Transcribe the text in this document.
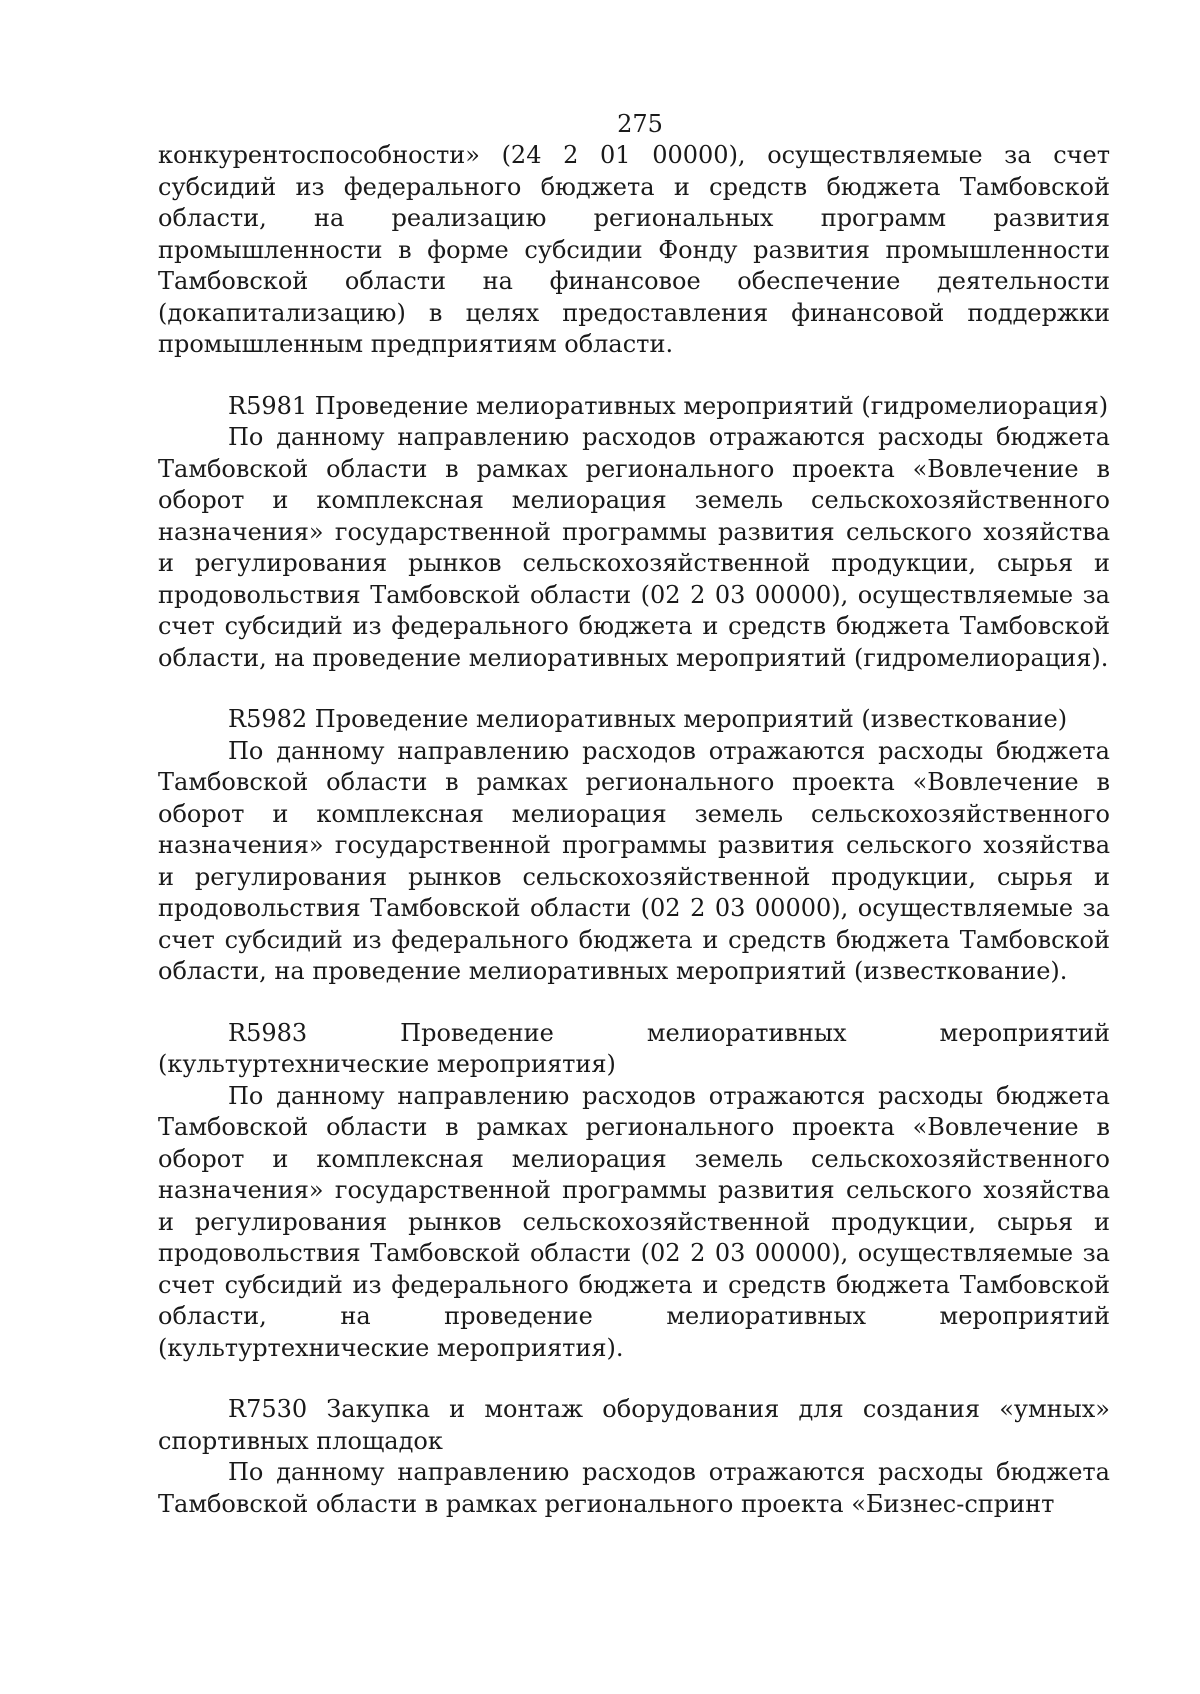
275

конкурентоспособности» (24 2 01 00000), осуществляемые за счет субсидий из федерального бюджета и средств бюджета Тамбовской области, на реализацию региональных программ развития промышленности в форме субсидии Фонду развития промышленности Тамбовской области на финансовое обеспечение деятельности (докапитализацию) в целях предоставления финансовой поддержки промышленным предприятиям области.

R5981 Проведение мелиоративных мероприятий (гидромелиорация)

По данному направлению расходов отражаются расходы бюджета Тамбовской области в рамках регионального проекта «Вовлечение в оборот и комплексная мелиорация земель сельскохозяйственного назначения» государственной программы развития сельского хозяйства и регулирования рынков сельскохозяйственной продукции, сырья и продовольствия Тамбовской области (02 2 03 00000), осуществляемые за счет субсидий из федерального бюджета и средств бюджета Тамбовской области, на проведение мелиоративных мероприятий (гидромелиорация).

R5982 Проведение мелиоративных мероприятий (известкование)

По данному направлению расходов отражаются расходы бюджета Тамбовской области в рамках регионального проекта «Вовлечение в оборот и комплексная мелиорация земель сельскохозяйственного назначения» государственной программы развития сельского хозяйства и регулирования рынков сельскохозяйственной продукции, сырья и продовольствия Тамбовской области (02 2 03 00000), осуществляемые за счет субсидий из федерального бюджета и средств бюджета Тамбовской области, на проведение мелиоративных мероприятий (известкование).

R5983 Проведение мелиоративных мероприятий (культуртехнические мероприятия)

По данному направлению расходов отражаются расходы бюджета Тамбовской области в рамках регионального проекта «Вовлечение в оборот и комплексная мелиорация земель сельскохозяйственного назначения» государственной программы развития сельского хозяйства и регулирования рынков сельскохозяйственной продукции, сырья и продовольствия Тамбовской области (02 2 03 00000), осуществляемые за счет субсидий из федерального бюджета и средств бюджета Тамбовской области, на проведение мелиоративных мероприятий (культуртехнические мероприятия).

R7530 Закупка и монтаж оборудования для создания «умных» спортивных площадок

По данному направлению расходов отражаются расходы бюджета Тамбовской области в рамках регионального проекта «Бизнес-спринт
